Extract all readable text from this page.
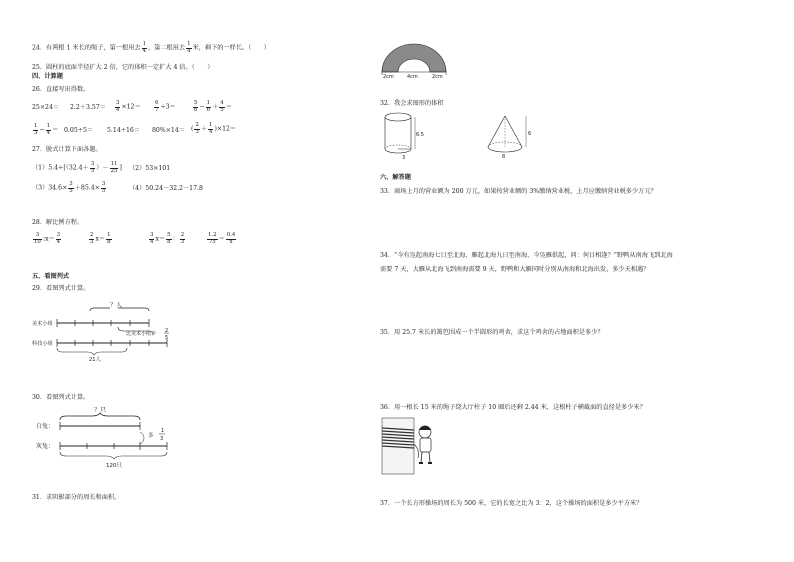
24．有两根 1 米长的绳子，第一根用去 $\frac{1}{4}$ ，第二根用去 $\frac{1}{4}$ 米，剩下的一样长。（　　）
25．圆柱的底面半径扩大 2 倍，它的体积一定扩大 4 倍。（　　）
四、计算题
26．直接写出得数。
$25\times 24= 2.2+3.57= \frac{3}{4} \times 12= \frac{6}{7} \div 3=$	$\frac{5}{6} - \frac{1}{6} + \frac{4}{5}$ ＝
$\frac{1}{3} - \frac{1}{4} = 0.05\div 5= 5.14\div 16= 80\%\times 14=$ ( $\frac{2}{3} + \frac{1}{4} )\times 12=$
27．脱式计算下面各题。
$(1)5.4\div[(32.4+ \frac{3}{5}$ ）－ $\frac{11}{25}$ ] （2）53×101
$(3)34.6\times \frac{3}{5} +85.4\times \frac{3}{5}$	（4）50.24－32.2－17.8
28．解比例方程。
$\frac{3}{10}$ :x＝ $\frac{3}{4}$	$\frac{2}{3} x= \frac{1}{8}$	$\frac{3}{4} x= \frac{5}{8}$ ： $\frac{2}{3}$	$\frac{1.2}{75} = \frac{0.4}{x}$
五、看图列式
29．看图列式计算。
？人
美术小组
比美术小组少 2
5
科技小组
21人
30．看图列式计算。
？只
白兔：
多
1
3
灰兔：
120只
31．求阴影部分的周长和面积。
2cm	4cm	2cm
32．我会求图形的体积
6.5
3
6
8
六、解答题
33．商场上月的营业额为 200 万元，如果按营业额的 3%缴纳营业税，上月应缴纳营业税多少万元？
34．“今有凫起南海七日至北海，雁起北海九日至南海，今凫雁俱起，问：何日相逢？”野鸭从南海飞到北海
需要 7 天，大雁从北海飞到南海需要 9 天，野鸭和大雁同时分别从南海和北海出发，多少天相遇？
35．用 25.7 米长的篱笆围成一个半圆形的鸡舍，求这个鸡舍的占地面积是多少？
36．用一根长 15 米的绳子绕大厅柱子 10 圈后还剩 2.44 米，这根柱子横截面的直径是多少米？
37．一个长方形操场的周长为 500 米，它的长宽之比为 3：2，这个操场的面积是多少平方米？
